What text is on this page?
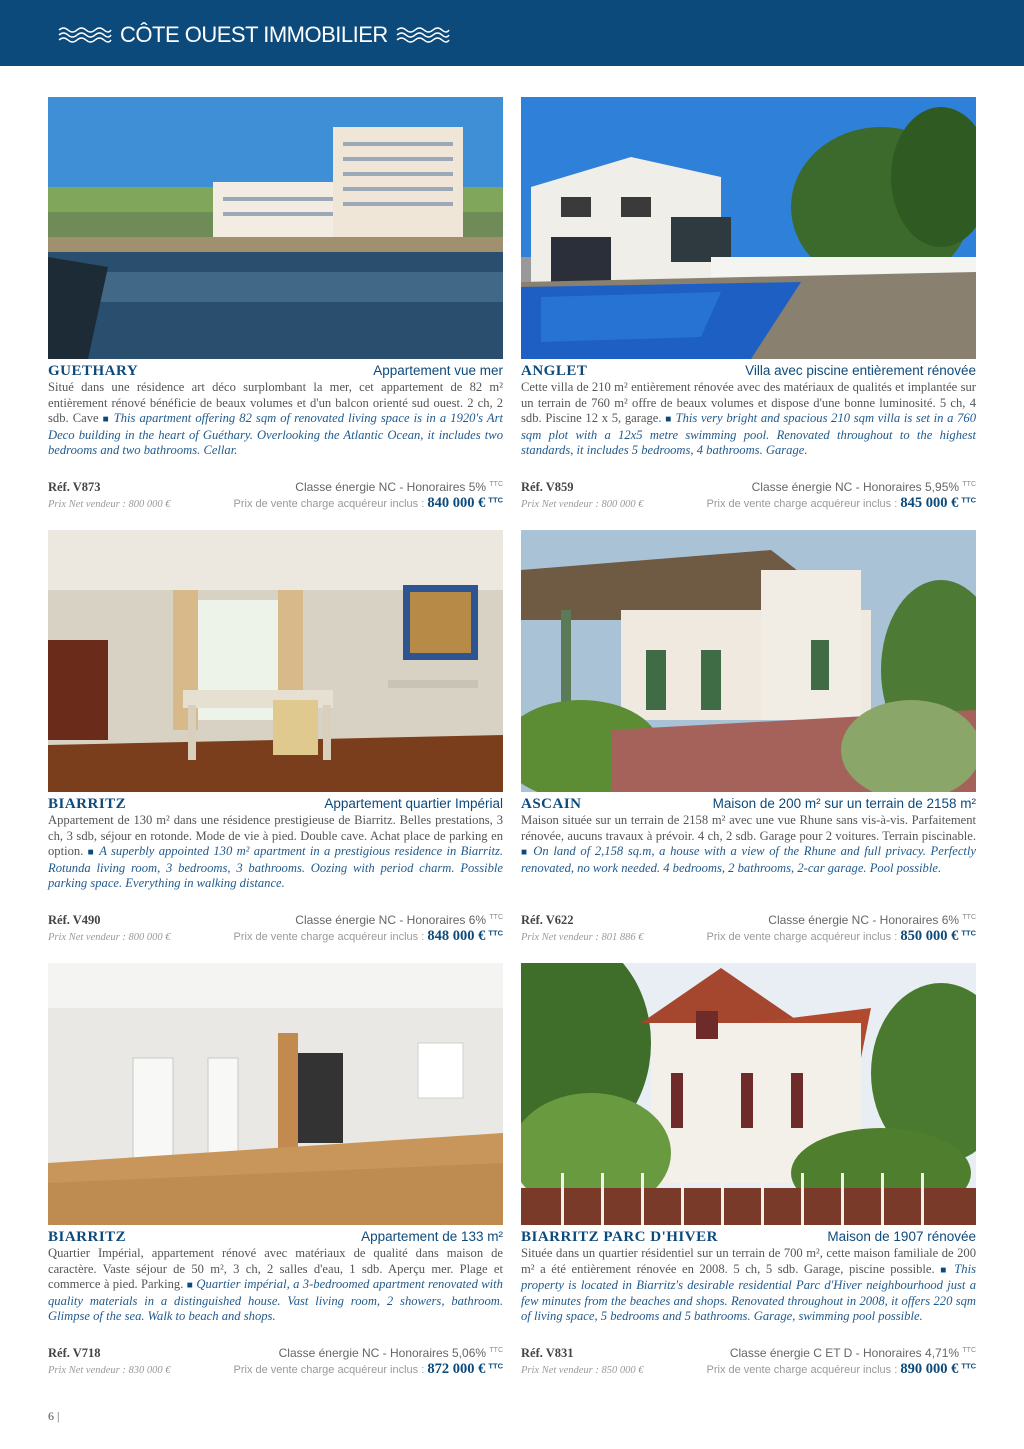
CÔTE OUEST IMMOBILIER
GUETHARY	Appartement vue mer
Situé dans une résidence art déco surplombant la mer, cet appartement de 82 m² entièrement rénové bénéficie de beaux volumes et d'un balcon orienté sud ouest. 2 ch, 2 sdb. Cave ■ This apartment offering 82 sqm of renovated living space is in a 1920's Art Deco building in the heart of Guéthary. Overlooking the Atlantic Ocean, it includes two bedrooms and two bathrooms. Cellar.
Réf. V873	Classe énergie NC - Honoraires 5% $^{TTC}$
Prix Net vendeur : 800 000 €	Prix de vente charge acquéreur inclus : 840 000 € $^{TTC}$
ANGLET	Villa avec piscine entièrement rénovée
Cette villa de 210 m² entièrement rénovée avec des matériaux de qualités et implantée sur un terrain de 760 m² offre de beaux volumes et dispose d'une bonne luminosité. 5 ch, 4 sdb. Piscine 12 x 5, garage. ■ This very bright and spacious 210 sqm villa is set in a 760 sqm plot with a 12x5 metre swimming pool. Renovated throughout to the highest standards, it includes 5 bedrooms, 4 bathrooms. Garage.
Réf. V859	Classe énergie NC - Honoraires 5,95% $^{TTC}$
Prix Net vendeur : 800 000 €	Prix de vente charge acquéreur inclus : 845 000 € $^{TTC}$
BIARRITZ	Appartement quartier Impérial
Appartement de 130 m² dans une résidence prestigieuse de Biarritz. Belles prestations, 3 ch, 3 sdb, séjour en rotonde. Mode de vie à pied. Double cave. Achat place de parking en option. ■ A superbly appointed 130 m² apartment in a prestigious residence in Biarritz. Rotunda living room, 3 bedrooms, 3 bathrooms. Oozing with period charm. Possible parking space. Everything in walking distance.
Réf. V490	Classe énergie NC - Honoraires 6% $^{TTC}$
Prix Net vendeur : 800 000 €	Prix de vente charge acquéreur inclus : 848 000 € $^{TTC}$
ASCAIN	Maison de 200 m² sur un terrain de 2158 m²
Maison située sur un terrain de 2158 m² avec une vue Rhune sans vis-à-vis. Parfaitement rénovée, aucuns travaux à prévoir. 4 ch, 2 sdb. Garage pour 2 voitures. Terrain piscinable. ■ On land of 2,158 sq.m, a house with a view of the Rhune and full privacy. Perfectly renovated, no work needed. 4 bedrooms, 2 bathrooms, 2-car garage. Pool possible.
Réf. V622	Classe énergie NC - Honoraires 6% $^{TTC}$
Prix Net vendeur : 801 886 €	Prix de vente charge acquéreur inclus : 850 000 € $^{TTC}$
BIARRITZ	Appartement de 133 m²
Quartier Impérial, appartement rénové avec matériaux de qualité dans maison de caractère. Vaste séjour de 50 m², 3 ch, 2 salles d'eau, 1 sdb. Aperçu mer. Plage et commerce à pied. Parking. ■ Quartier impérial, a 3-bedroomed apartment renovated with quality materials in a distinguished house. Vast living room, 2 showers, bathroom. Glimpse of the sea. Walk to beach and shops.
Réf. V718	Classe énergie NC - Honoraires 5,06% $^{TTC}$
Prix Net vendeur : 830 000 €	Prix de vente charge acquéreur inclus : 872 000 € $^{TTC}$
BIARRITZ PARC D'HIVER	Maison de 1907 rénovée
Située dans un quartier résidentiel sur un terrain de 700 m², cette maison familiale de 200 m² a été entièrement rénovée en 2008. 5 ch, 5 sdb. Garage, piscine possible. ■ This property is located in Biarritz's desirable residential Parc d'Hiver neighbourhood just a few minutes from the beaches and shops. Renovated throughout in 2008, it offers 220 sqm of living space, 5 bedrooms and 5 bathrooms. Garage, swimming pool possible.
Réf. V831	Classe énergie C ET D - Honoraires 4,71% $^{TTC}$
Prix Net vendeur : 850 000 €	Prix de vente charge acquéreur inclus : 890 000 € $^{TTC}$
6 |
